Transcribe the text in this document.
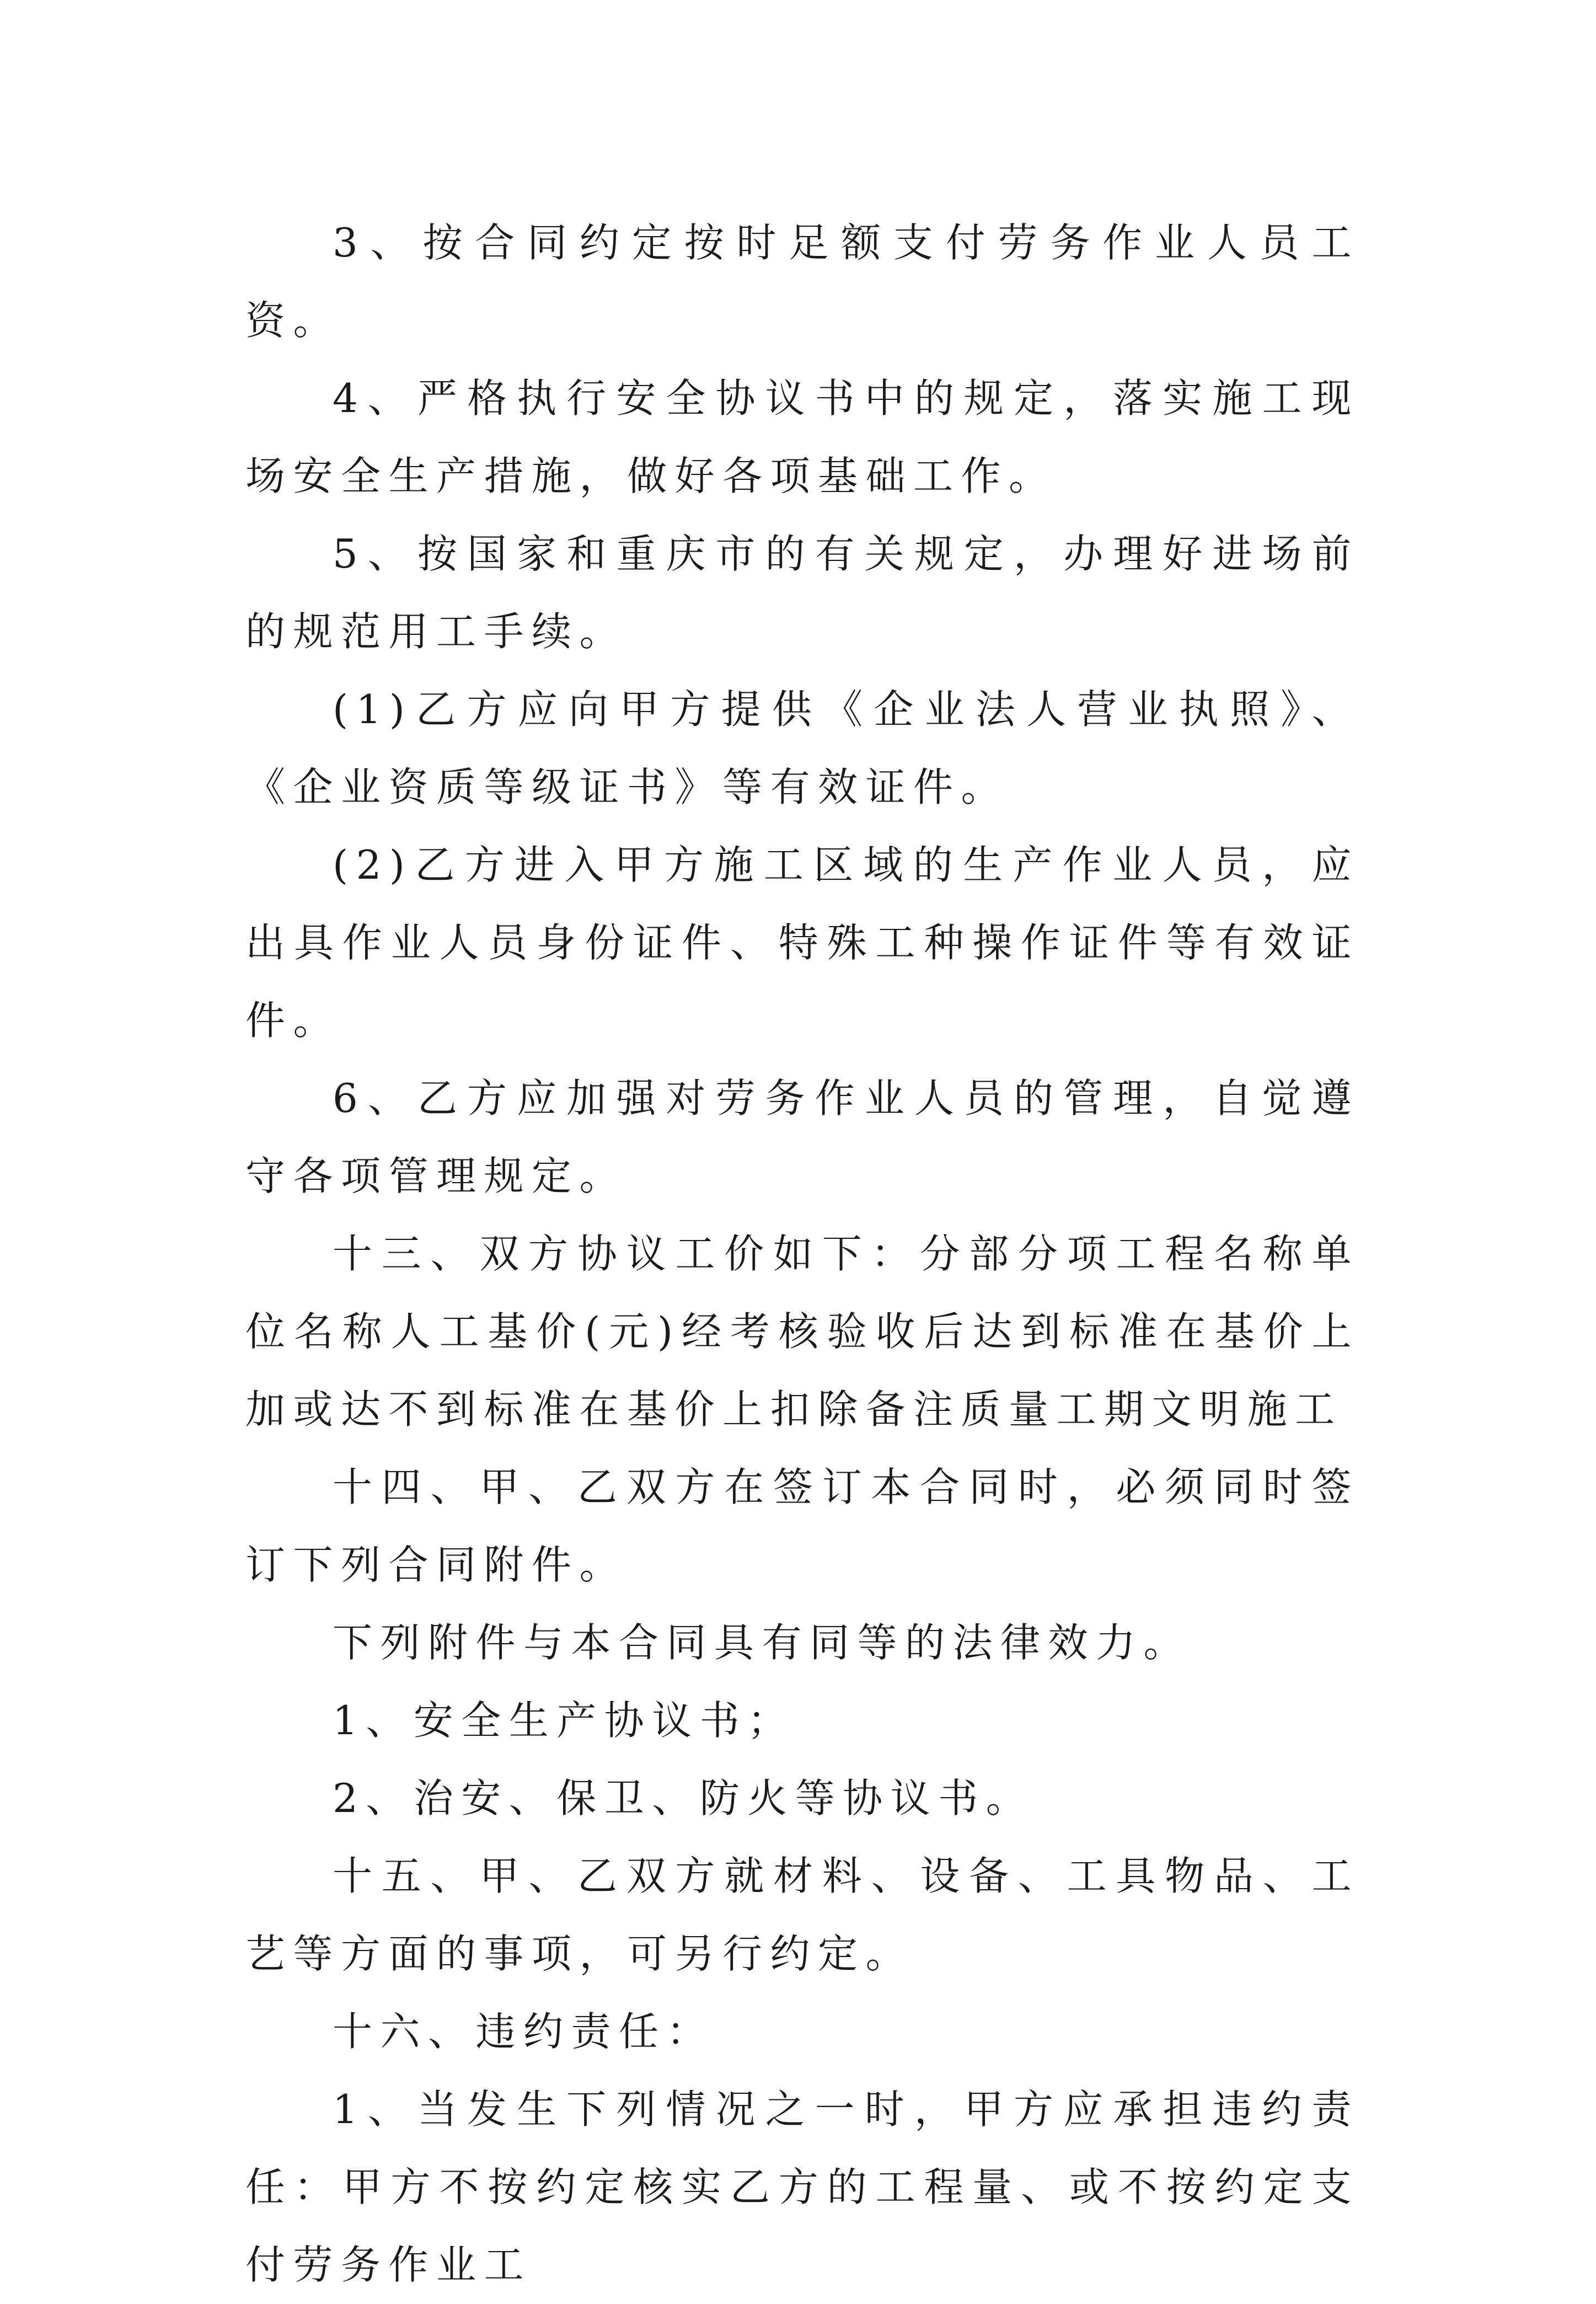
3、按合同约定按时足额支付劳务作业人员工资。

4、严格执行安全协议书中的规定，落实施工现场安全生产措施，做好各项基础工作。

5、按国家和重庆市的有关规定，办理好进场前的规范用工手续。

(1)乙方应向甲方提供《企业法人营业执照》、《企业资质等级证书》等有效证件。

(2)乙方进入甲方施工区域的生产作业人员，应出具作业人员身份证件、特殊工种操作证件等有效证件。

6、乙方应加强对劳务作业人员的管理，自觉遵守各项管理规定。

十三、双方协议工价如下：分部分项工程名称单位名称人工基价(元)经考核验收后达到标准在基价上加或达不到标准在基价上扣除备注质量工期文明施工

十四、甲、乙双方在签订本合同时，必须同时签订下列合同附件。

下列附件与本合同具有同等的法律效力。

1、安全生产协议书；

2、治安、保卫、防火等协议书。

十五、甲、乙双方就材料、设备、工具物品、工艺等方面的事项，可另行约定。

十六、违约责任：

1、当发生下列情况之一时，甲方应承担违约责任：甲方不按约定核实乙方的工程量、或不按约定支付劳务作业工
